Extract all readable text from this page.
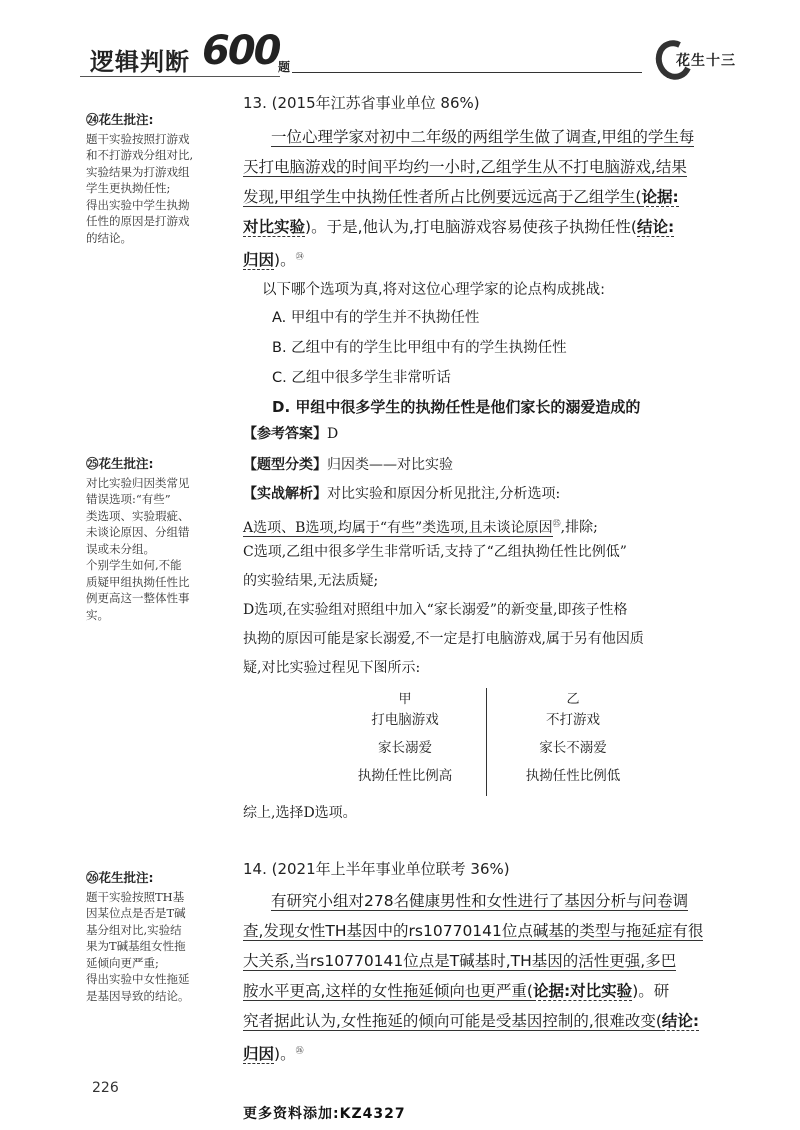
逻辑判断 600
题	花生十三
㉔花生批注:
题干实验按照打游戏
和不打游戏分组对比,
实验结果为打游戏组
学生更执拗任性;
得出实验中学生执拗
任性的原因是打游戏
的结论。
㉕花生批注:
对比实验归因类常见
错误选项:“有些”
类选项、实验瑕疵、
未谈论原因、分组错
误或未分组。
个别学生如何,不能
质疑甲组执拗任性比
例更高这一整体性事
实。
㉖花生批注:
题干实验按照TH基
因某位点是否是T碱
基分组对比,实验结
果为T碱基组女性拖
延倾向更严重;
得出实验中女性拖延
是基因导致的结论。
13. (2015年江苏省事业单位 86%)
一位心理学家对初中二年级的两组学生做了调查,甲组的学生每
天打电脑游戏的时间平均约一小时,乙组学生从不打电脑游戏,结果
发现,甲组学生中执拗任性者所占比例要远远高于乙组学生(论据:
对比实验)。于是,他认为,打电脑游戏容易使孩子执拗任性(结论:
归因)。$^㉔$
以下哪个选项为真,将对这位心理学家的论点构成挑战:
A. 甲组中有的学生并不执拗任性
B. 乙组中有的学生比甲组中有的学生执拗任性
C. 乙组中很多学生非常听话
D. 甲组中很多学生的执拗任性是他们家长的溺爱造成的
【参考答案】D
【题型分类】归因类——对比实验
【实战解析】对比实验和原因分析见批注,分析选项:
A选项、B选项,均属于“有些”类选项,且未谈论原因$^㉕$,排除;
C选项,乙组中很多学生非常听话,支持了“乙组执拗任性比例低”
的实验结果,无法质疑;
D选项,在实验组对照组中加入“家长溺爱”的新变量,即孩子性格
执拗的原因可能是家长溺爱,不一定是打电脑游戏,属于另有他因质
疑,对比实验过程见下图所示:
甲
打电脑游戏
家长溺爱
执拗任性比例高
乙
不打游戏
家长不溺爱
执拗任性比例低
综上,选择D选项。
14. (2021年上半年事业单位联考 36%)
有研究小组对278名健康男性和女性进行了基因分析与问卷调
查,发现女性TH基因中的rs10770141位点碱基的类型与拖延症有很
大关系,当rs10770141位点是T碱基时,TH基因的活性更强,多巴
胺水平更高,这样的女性拖延倾向也更严重(论据:对比实验)。研
究者据此认为,女性拖延的倾向可能是受基因控制的,很难改变(结论:
归因)。$^㉖$
226
更多资料添加:KZ4327
